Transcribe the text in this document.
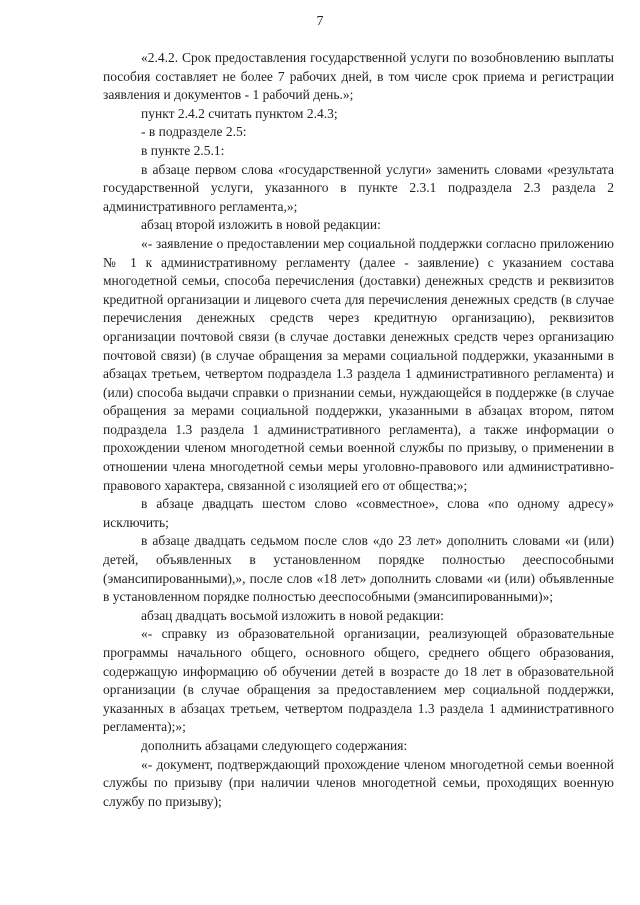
7

«2.4.2. Срок предоставления государственной услуги по возобновлению выплаты пособия составляет не более 7 рабочих дней, в том числе срок приема и регистрации заявления и документов - 1 рабочий день.»;

пункт 2.4.2 считать пунктом 2.4.3;

- в подразделе 2.5:

в пункте 2.5.1:

в абзаце первом слова «государственной услуги» заменить словами «результата государственной услуги, указанного в пункте 2.3.1 подраздела 2.3 раздела 2 административного регламента,»;

абзац второй изложить в новой редакции:

«- заявление о предоставлении мер социальной поддержки согласно приложению № 1 к административному регламенту (далее - заявление) с указанием состава многодетной семьи, способа перечисления (доставки) денежных средств и реквизитов кредитной организации и лицевого счета для перечисления денежных средств (в случае перечисления денежных средств через кредитную организацию), реквизитов организации почтовой связи (в случае доставки денежных средств через организацию почтовой связи) (в случае обращения за мерами социальной поддержки, указанными в абзацах третьем, четвертом подраздела 1.3 раздела 1 административного регламента) и (или) способа выдачи справки о признании семьи, нуждающейся в поддержке (в случае обращения за мерами социальной поддержки, указанными в абзацах втором, пятом подраздела 1.3 раздела 1 административного регламента), а также информации о прохождении членом многодетной семьи военной службы по призыву, о применении в отношении члена многодетной семьи меры уголовно-правового или административно-правового характера, связанной с изоляцией его от общества;»;

в абзаце двадцать шестом слово «совместное», слова «по одному адресу» исключить;

в абзаце двадцать седьмом после слов «до 23 лет» дополнить словами «и (или) детей, объявленных в установленном порядке полностью дееспособными (эмансипированными),», после слов «18 лет» дополнить словами «и (или) объявленные в установленном порядке полностью дееспособными (эмансипированными)»;

абзац двадцать восьмой изложить в новой редакции:

«- справку из образовательной организации, реализующей образовательные программы начального общего, основного общего, среднего общего образования, содержащую информацию об обучении детей в возрасте до 18 лет в образовательной организации (в случае обращения за предоставлением мер социальной поддержки, указанных в абзацах третьем, четвертом подраздела 1.3 раздела 1 административного регламента);»;

дополнить абзацами следующего содержания:

«- документ, подтверждающий прохождение членом многодетной семьи военной службы по призыву (при наличии членов многодетной семьи, проходящих военную службу по призыву);
